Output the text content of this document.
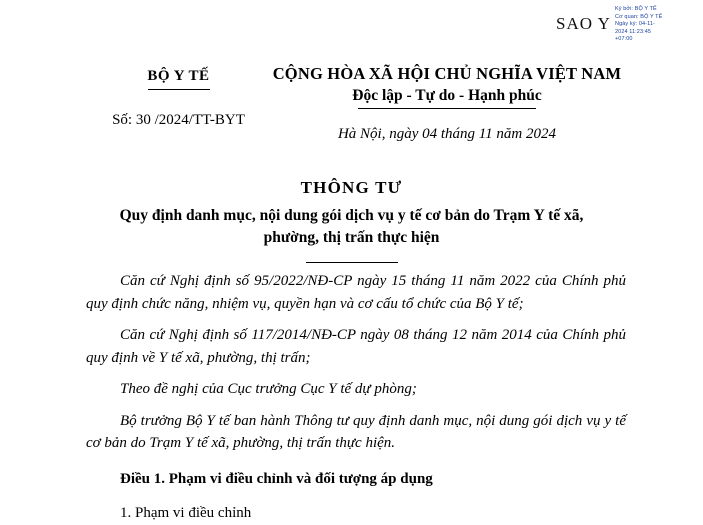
SAO Y
Ký bởi: BỘ Y TẾ
Cơ quan: BỘ Y TẾ
Ngày ký: 04-11-
2024 11:23:45
+07:00
BỘ Y TẾ
Số: 30 /2024/TT-BYT
CỘNG HÒA XÃ HỘI CHỦ NGHĨA VIỆT NAM
Độc lập - Tự do - Hạnh phúc
Hà Nội, ngày 04 tháng 11 năm 2024
THÔNG TƯ
Quy định danh mục, nội dung gói dịch vụ y tế cơ bản do Trạm Y tế xã, phường, thị trấn thực hiện

Căn cứ Nghị định số 95/2022/NĐ-CP ngày 15 tháng 11 năm 2022 của Chính phủ quy định chức năng, nhiệm vụ, quyền hạn và cơ cấu tổ chức của Bộ Y tế;

Căn cứ Nghị định số 117/2014/NĐ-CP ngày 08 tháng 12 năm 2014 của Chính phủ quy định về Y tế xã, phường, thị trấn;

Theo đề nghị của Cục trưởng Cục Y tế dự phòng;

Bộ trưởng Bộ Y tế ban hành Thông tư quy định danh mục, nội dung gói dịch vụ y tế cơ bản do Trạm Y tế xã, phường, thị trấn thực hiện.

Điều 1. Phạm vi điều chỉnh và đối tượng áp dụng
1. Phạm vi điều chỉnh
